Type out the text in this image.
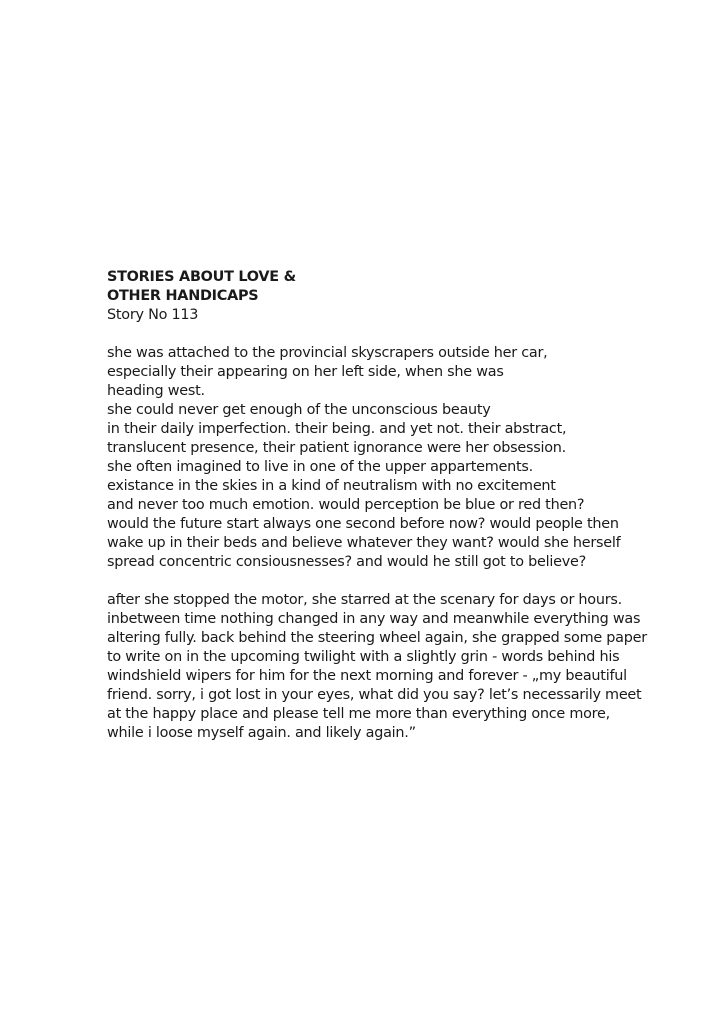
STORIES ABOUT LOVE &
OTHER HANDICAPS
Story No 113
she was attached to the provincial skyscrapers outside her car,
especially their appearing on her left side, when she was
heading west.
she could never get enough of the unconscious beauty
in their daily imperfection. their being. and yet not. their abstract,
translucent presence, their patient ignorance were her obsession.
she often imagined to live in one of the upper appartements.
existance in the skies in a kind of neutralism with no excitement
and never too much emotion. would perception be blue or red then?
would the future start always one second before now? would people then
wake up in their beds and believe whatever they want? would she herself
spread concentric consiousnesses? and would he still got to believe?
after she stopped the motor, she starred at the scenary for days or hours.
inbetween time nothing changed in any way and meanwhile everything was
altering fully. back behind the steering wheel again, she grapped some paper
to write on in the upcoming twilight with a slightly grin - words behind his
windshield wipers for him for the next morning and forever - „my beautiful
friend. sorry, i got lost in your eyes, what did you say? let’s necessarily meet
at the happy place and please tell me more than everything once more,
while i loose myself again. and likely again.”
